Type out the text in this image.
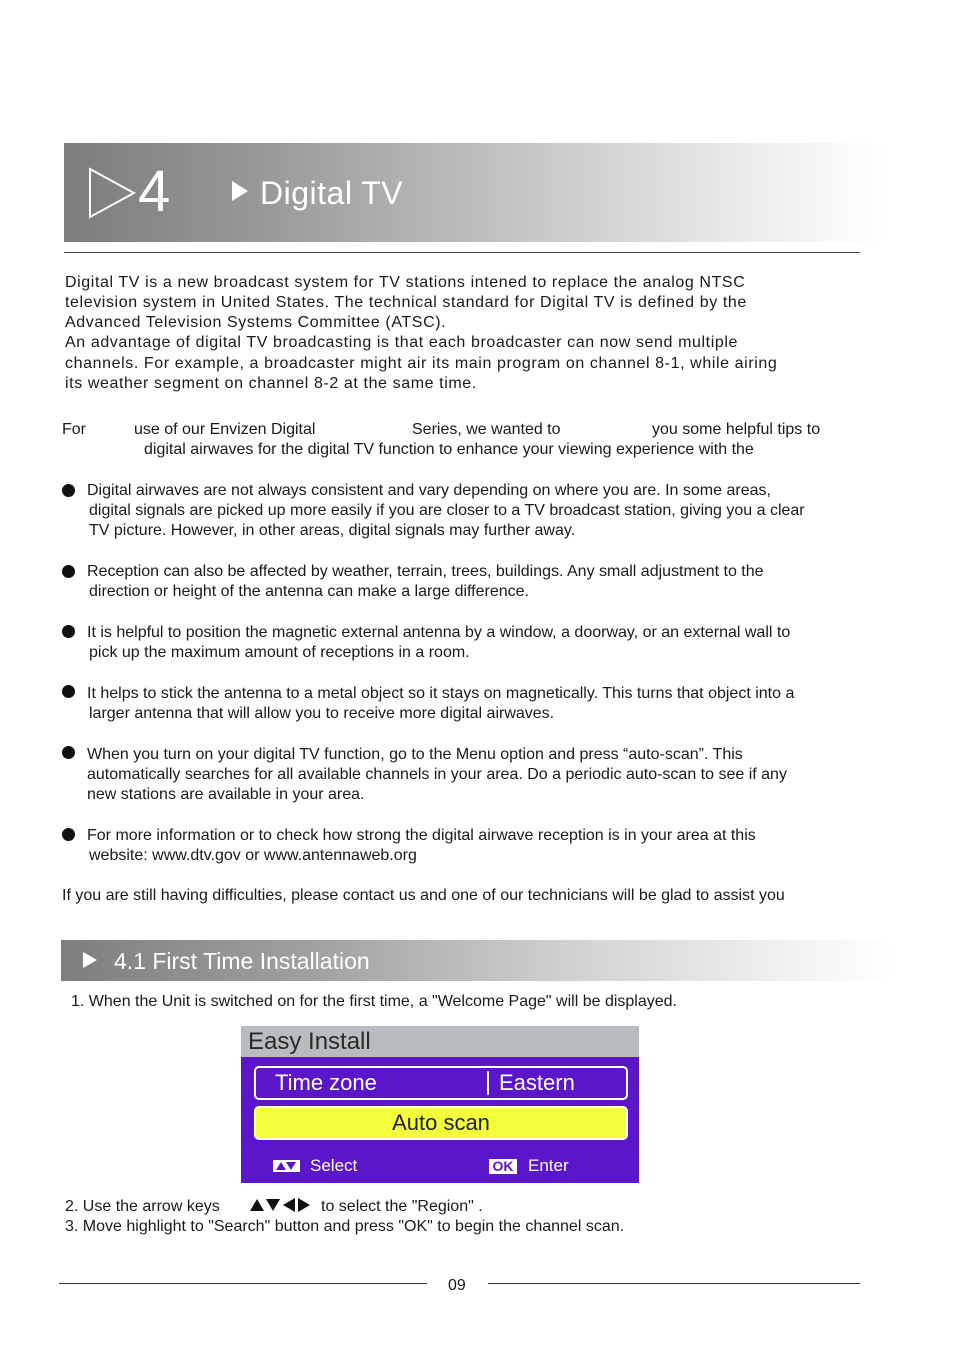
4	Digital TV
Digital TV is a new broadcast system for TV stations intened to replace the analog NTSC
television system in United States. The technical standard for Digital TV is defined by the
Advanced Television Systems Committee (ATSC).
An advantage of digital TV broadcasting is that each broadcaster can now send multiple
channels. For example, a broadcaster might air its main program on channel 8-1, while airing
its weather segment on channel 8-2 at the same time.
For	use of our Envizen Digital	Series, we wanted to	you some helpful tips to
digital airwaves for the digital TV function to enhance your viewing experience with the
Digital airwaves are not always consistent and vary depending on where you are. In some areas,
digital signals are picked up more easily if you are closer to a TV broadcast station, giving you a clear
TV picture. However, in other areas, digital signals may further away.
Reception can also be affected by weather, terrain, trees, buildings. Any small adjustment to the
direction or height of the antenna can make a large difference.
It is helpful to position the magnetic external antenna by a window, a doorway, or an external wall to
pick up the maximum amount of receptions in a room.
It helps to stick the antenna to a metal object so it stays on magnetically. This turns that object into a
larger antenna that will allow you to receive more digital airwaves.
When you turn on your digital TV function, go to the Menu option and press “auto-scan”. This
automatically searches for all available channels in your area. Do a periodic auto-scan to see if any
new stations are available in your area.
For more information or to check how strong the digital airwave reception is in your area at this
website: www.dtv.gov or www.antennaweb.org
If you are still having difficulties, please contact us and one of our technicians will be glad to assist you
4.1 First Time Installation
1. When the Unit is switched on for the first time, a "Welcome Page" will be displayed.
Easy Install
Time zone	Eastern
Auto scan
Select	OK Enter
2. Use the arrow keys	to select the "Region" .
3. Move highlight to "Search" button and press "OK" to begin the channel scan.
09
